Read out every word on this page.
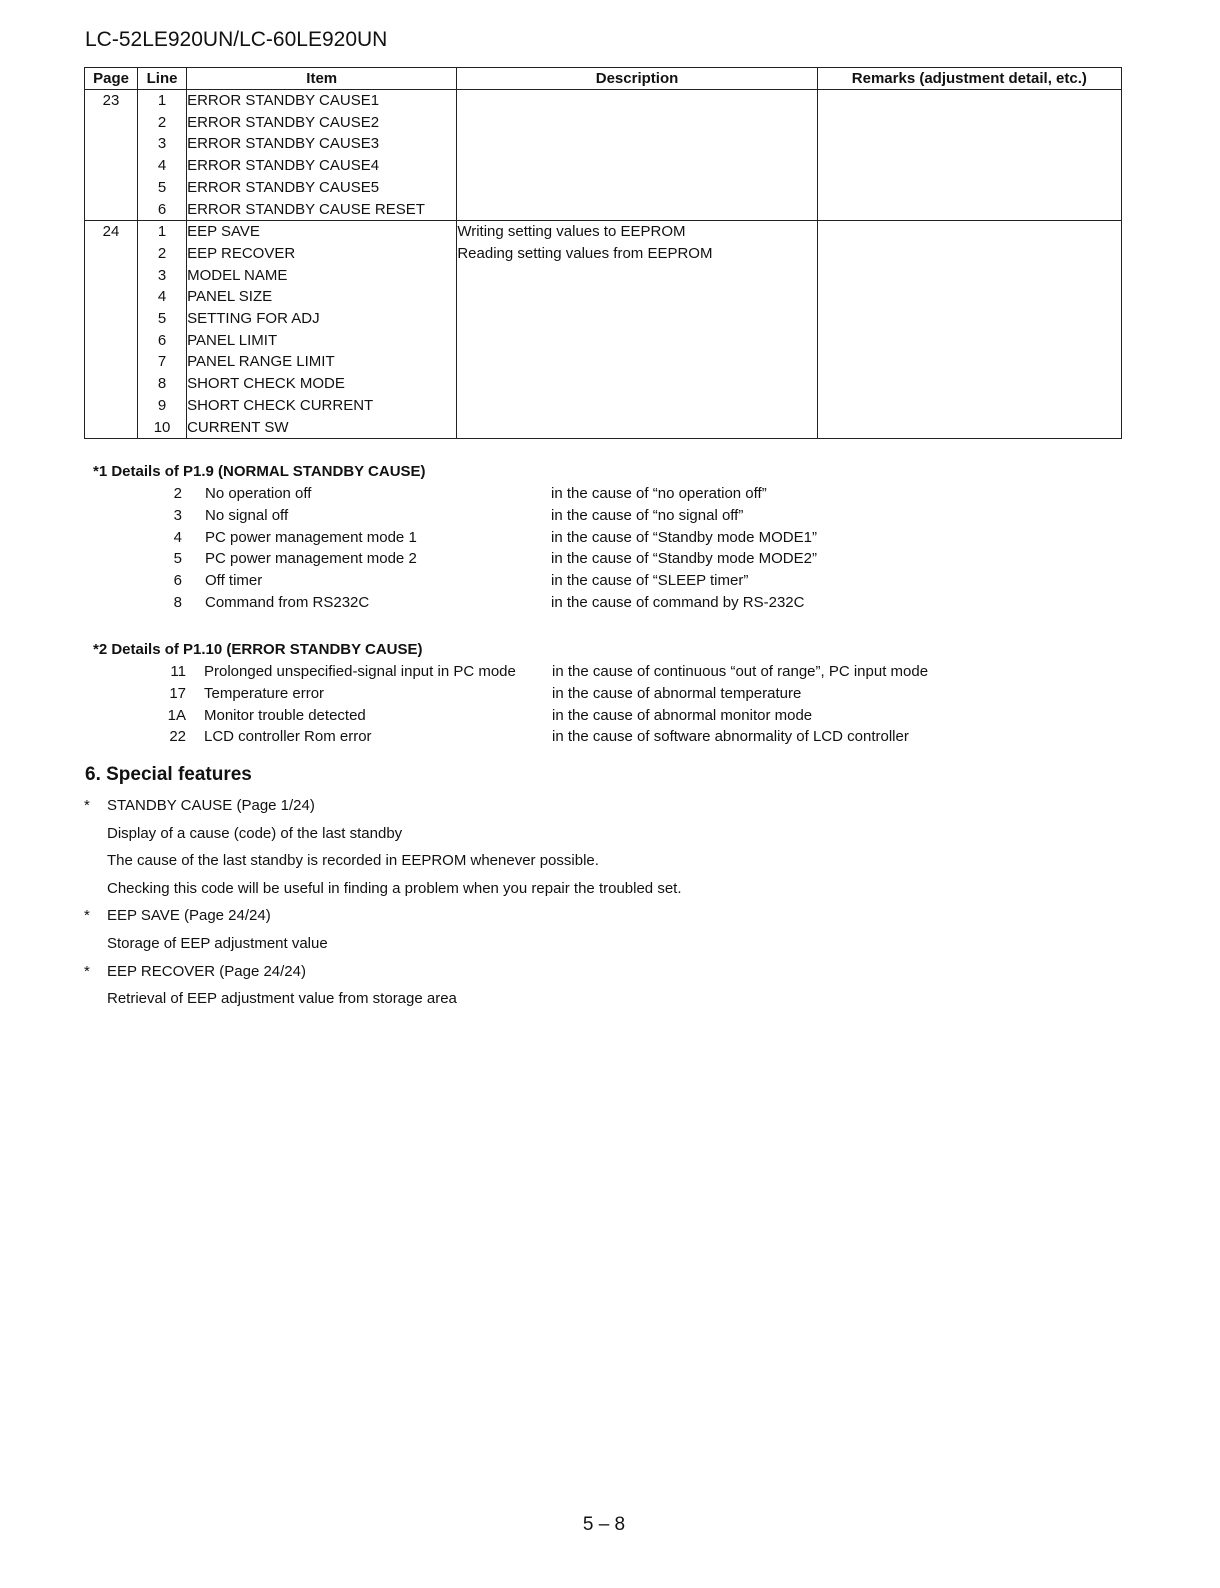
LC-52LE920UN/LC-60LE920UN
Page	Line	Item	Description	Remarks (adjustment detail, etc.)
23	1	ERROR STANDBY CAUSE1		
	2	ERROR STANDBY CAUSE2		
	3	ERROR STANDBY CAUSE3		
	4	ERROR STANDBY CAUSE4		
	5	ERROR STANDBY CAUSE5		
	6	ERROR STANDBY CAUSE RESET		
24	1	EEP SAVE	Writing setting values to EEPROM	
	2	EEP RECOVER	Reading setting values from EEPROM	
	3	MODEL NAME		
	4	PANEL SIZE		
	5	SETTING FOR ADJ		
	6	PANEL LIMIT		
	7	PANEL RANGE LIMIT		
	8	SHORT CHECK MODE		
	9	SHORT CHECK CURRENT		
	10	CURRENT SW		
*1 Details of P1.9 (NORMAL STANDBY CAUSE)
2 No operation off	in the cause of “no operation off”
3 No signal off	in the cause of “no signal off”
4 PC power management mode 1	in the cause of “Standby mode MODE1”
5 PC power management mode 2	in the cause of “Standby mode MODE2”
6 Off timer	in the cause of “SLEEP timer”
8 Command from RS232C	in the cause of command by RS-232C
*2 Details of P1.10 (ERROR STANDBY CAUSE)
11 Prolonged unspecified-signal input in PC mode in the cause of continuous “out of range”, PC input mode
17 Temperature error	in the cause of abnormal temperature
1A Monitor trouble detected	in the cause of abnormal monitor mode
22 LCD controller Rom error	in the cause of software abnormality of LCD controller
6. Special features
* STANDBY CAUSE (Page 1/24)
Display of a cause (code) of the last standby
The cause of the last standby is recorded in EEPROM whenever possible.
Checking this code will be useful in finding a problem when you repair the troubled set.
* EEP SAVE (Page 24/24)
Storage of EEP adjustment value
* EEP RECOVER (Page 24/24)
Retrieval of EEP adjustment value from storage area
5 – 8
